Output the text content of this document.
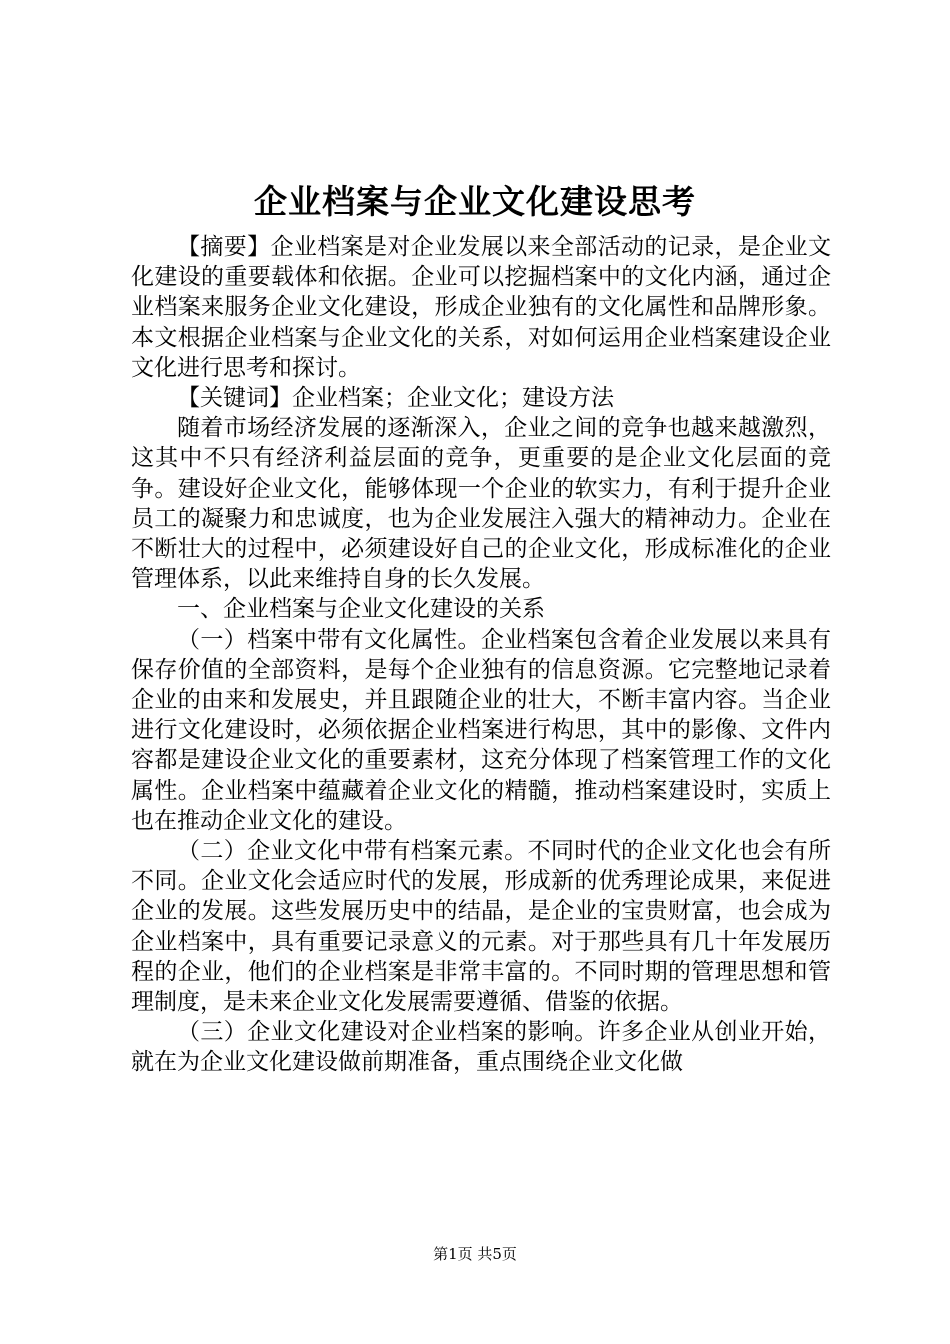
企业档案与企业文化建设思考

【摘要】企业档案是对企业发展以来全部活动的记录，是企业文化建设的重要载体和依据。企业可以挖掘档案中的文化内涵，通过企业档案来服务企业文化建设，形成企业独有的文化属性和品牌形象。本文根据企业档案与企业文化的关系，对如何运用企业档案建设企业文化进行思考和探讨。

【关键词】企业档案；企业文化；建设方法

随着市场经济发展的逐渐深入，企业之间的竞争也越来越激烈，这其中不只有经济利益层面的竞争，更重要的是企业文化层面的竞争。建设好企业文化，能够体现一个企业的软实力，有利于提升企业员工的凝聚力和忠诚度，也为企业发展注入强大的精神动力。企业在不断壮大的过程中，必须建设好自己的企业文化，形成标准化的企业管理体系，以此来维持自身的长久发展。

一、企业档案与企业文化建设的关系

（一）档案中带有文化属性。企业档案包含着企业发展以来具有保存价值的全部资料，是每个企业独有的信息资源。它完整地记录着企业的由来和发展史，并且跟随企业的壮大，不断丰富内容。当企业进行文化建设时，必须依据企业档案进行构思，其中的影像、文件内容都是建设企业文化的重要素材，这充分体现了档案管理工作的文化属性。企业档案中蕴藏着企业文化的精髓，推动档案建设时，实质上也在推动企业文化的建设。

（二）企业文化中带有档案元素。不同时代的企业文化也会有所不同。企业文化会适应时代的发展，形成新的优秀理论成果，来促进企业的发展。这些发展历史中的结晶，是企业的宝贵财富，也会成为企业档案中，具有重要记录意义的元素。对于那些具有几十年发展历程的企业，他们的企业档案是非常丰富的。不同时期的管理思想和管理制度，是未来企业文化发展需要遵循、借鉴的依据。

（三）企业文化建设对企业档案的影响。许多企业从创业开始，就在为企业文化建设做前期准备，重点围绕企业文化做

第1页 共5页
